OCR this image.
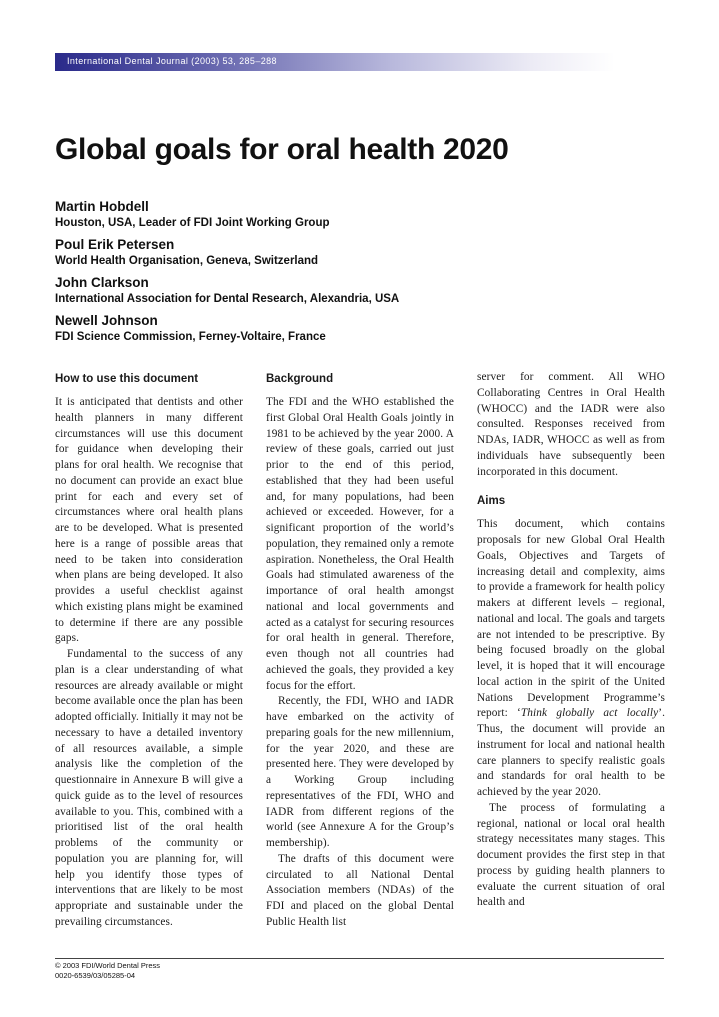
International Dental Journal (2003) 53, 285–288
Global goals for oral health 2020
Martin Hobdell
Houston, USA, Leader of FDI Joint Working Group
Poul Erik Petersen
World Health Organisation, Geneva, Switzerland
John Clarkson
International Association for Dental Research, Alexandria, USA
Newell Johnson
FDI Science Commission, Ferney-Voltaire, France
How to use this document

It is anticipated that dentists and other health planners in many different circumstances will use this document for guidance when developing their plans for oral health. We recognise that no document can provide an exact blue print for each and every set of circumstances where oral health plans are to be developed. What is presented here is a range of possible areas that need to be taken into consideration when plans are being developed. It also provides a useful checklist against which existing plans might be examined to determine if there are any possible gaps.

Fundamental to the success of any plan is a clear understanding of what resources are already available or might become available once the plan has been adopted officially. Initially it may not be necessary to have a detailed inventory of all resources available, a simple analysis like the completion of the questionnaire in Annexure B will give a quick guide as to the level of resources available to you. This, combined with a prioritised list of the oral health problems of the community or population you are planning for, will help you identify those types of interventions that are likely to be most appropriate and sustainable under the prevailing circumstances.

Background

The FDI and the WHO established the first Global Oral Health Goals jointly in 1981 to be achieved by the year 2000. A review of these goals, carried out just prior to the end of this period, established that they had been useful and, for many populations, had been achieved or exceeded. However, for a significant proportion of the world’s population, they remained only a remote aspiration. Nonetheless, the Oral Health Goals had stimulated awareness of the importance of oral health amongst national and local governments and acted as a catalyst for securing resources for oral health in general. Therefore, even though not all countries had achieved the goals, they provided a key focus for the effort.

Recently, the FDI, WHO and IADR have embarked on the activity of preparing goals for the new millennium, for the year 2020, and these are presented here. They were developed by a Working Group including representatives of the FDI, WHO and IADR from different regions of the world (see Annexure A for the Group’s membership).

The drafts of this document were circulated to all National Dental Association members (NDAs) of the FDI and placed on the global Dental Public Health list

server for comment. All WHO Collaborating Centres in Oral Health (WHOCC) and the IADR were also consulted. Responses received from NDAs, IADR, WHOCC as well as from individuals have subsequently been incorporated in this document.

Aims

This document, which contains proposals for new Global Oral Health Goals, Objectives and Targets of increasing detail and complexity, aims to provide a framework for health policy makers at different levels – regional, national and local. The goals and targets are not intended to be prescriptive. By being focused broadly on the global level, it is hoped that it will encourage local action in the spirit of the United Nations Development Programme’s report: ‘Think globally act locally’. Thus, the document will provide an instrument for local and national health care planners to specify realistic goals and standards for oral health to be achieved by the year 2020.

The process of formulating a regional, national or local oral health strategy necessitates many stages. This document provides the first step in that process by guiding health planners to evaluate the current situation of oral health and

© 2003 FDI/World Dental Press
0020-6539/03/05285-04
